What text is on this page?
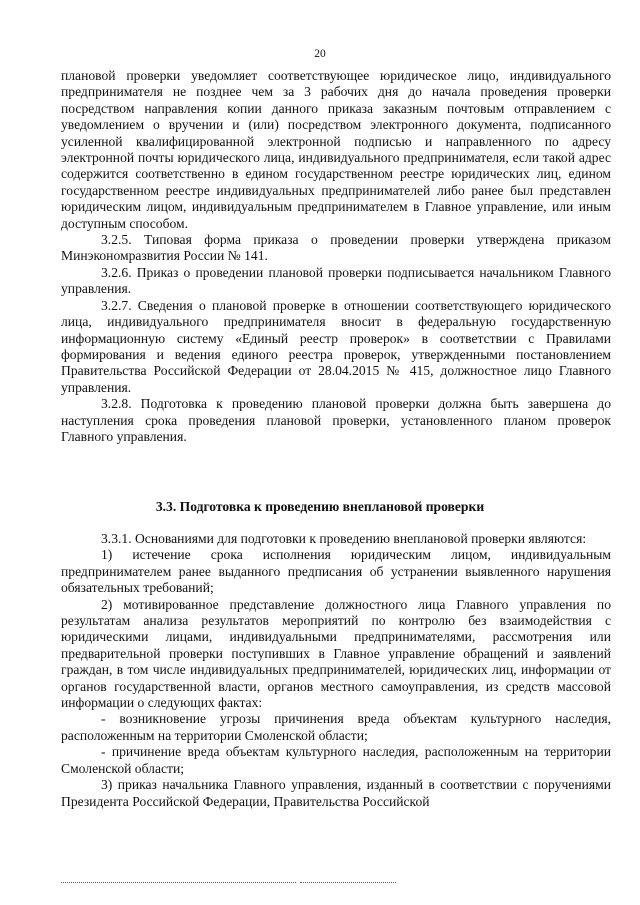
20

плановой проверки уведомляет соответствующее юридическое лицо, индивидуального предпринимателя не позднее чем за 3 рабочих дня до начала проведения проверки посредством направления копии данного приказа заказным почтовым отправлением с уведомлением о вручении и (или) посредством электронного документа, подписанного усиленной квалифицированной электронной подписью и направленного по адресу электронной почты юридического лица, индивидуального предпринимателя, если такой адрес содержится соответственно в едином государственном реестре юридических лиц, едином государственном реестре индивидуальных предпринимателей либо ранее был представлен юридическим лицом, индивидуальным предпринимателем в Главное управление, или иным доступным способом.

3.2.5. Типовая форма приказа о проведении проверки утверждена приказом Минэкономразвития России № 141.

3.2.6. Приказ о проведении плановой проверки подписывается начальником Главного управления.

3.2.7. Сведения о плановой проверке в отношении соответствующего юридического лица, индивидуального предпринимателя вносит в федеральную государственную информационную систему «Единый реестр проверок» в соответствии с Правилами формирования и ведения единого реестра проверок, утвержденными постановлением Правительства Российской Федерации от 28.04.2015 № 415, должностное лицо Главного управления.

3.2.8. Подготовка к проведению плановой проверки должна быть завершена до наступления срока проведения плановой проверки, установленного планом проверок Главного управления.

3.3. Подготовка к проведению внеплановой проверки

3.3.1. Основаниями для подготовки к проведению внеплановой проверки являются:

1) истечение срока исполнения юридическим лицом, индивидуальным предпринимателем ранее выданного предписания об устранении выявленного нарушения обязательных требований;

2) мотивированное представление должностного лица Главного управления по результатам анализа результатов мероприятий по контролю без взаимодействия с юридическими лицами, индивидуальными предпринимателями, рассмотрения или предварительной проверки поступивших в Главное управление обращений и заявлений граждан, в том числе индивидуальных предпринимателей, юридических лиц, информации от органов государственной власти, органов местного самоуправления, из средств массовой информации о следующих фактах:

- возникновение угрозы причинения вреда объектам культурного наследия, расположенным на территории Смоленской области;

- причинение вреда объектам культурного наследия, расположенным на территории Смоленской области;

3) приказ начальника Главного управления, изданный в соответствии с поручениями Президента Российской Федерации, Правительства Российской
